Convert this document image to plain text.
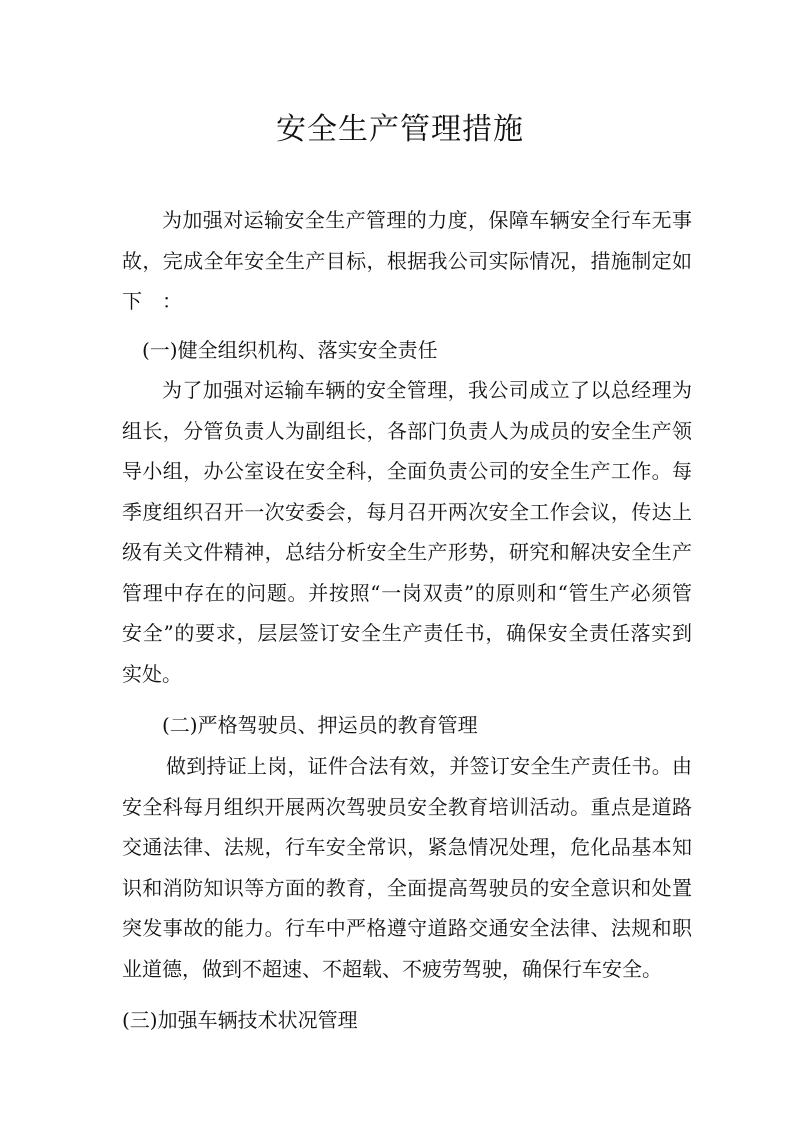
安全生产管理措施
为加强对运输安全生产管理的力度，保障车辆安全行车无事故，完成全年安全生产目标，根据我公司实际情况，措施制定如下　：
(一)健全组织机构、落实安全责任
为了加强对运输车辆的安全管理，我公司成立了以总经理为组长，分管负责人为副组长，各部门负责人为成员的安全生产领导小组，办公室设在安全科，全面负责公司的安全生产工作。每季度组织召开一次安委会，每月召开两次安全工作会议，传达上级有关文件精神，总结分析安全生产形势，研究和解决安全生产管理中存在的问题。并按照“一岗双责”的原则和“管生产必须管安全”的要求，层层签订安全生产责任书，确保安全责任落实到实处。
(二)严格驾驶员、押运员的教育管理
做到持证上岗，证件合法有效，并签订安全生产责任书。由安全科每月组织开展两次驾驶员安全教育培训活动。重点是道路交通法律、法规，行车安全常识，紧急情况处理，危化品基本知识和消防知识等方面的教育，全面提高驾驶员的安全意识和处置突发事故的能力。行车中严格遵守道路交通安全法律、法规和职业道德，做到不超速、不超载、不疲劳驾驶，确保行车安全。
(三)加强车辆技术状况管理
